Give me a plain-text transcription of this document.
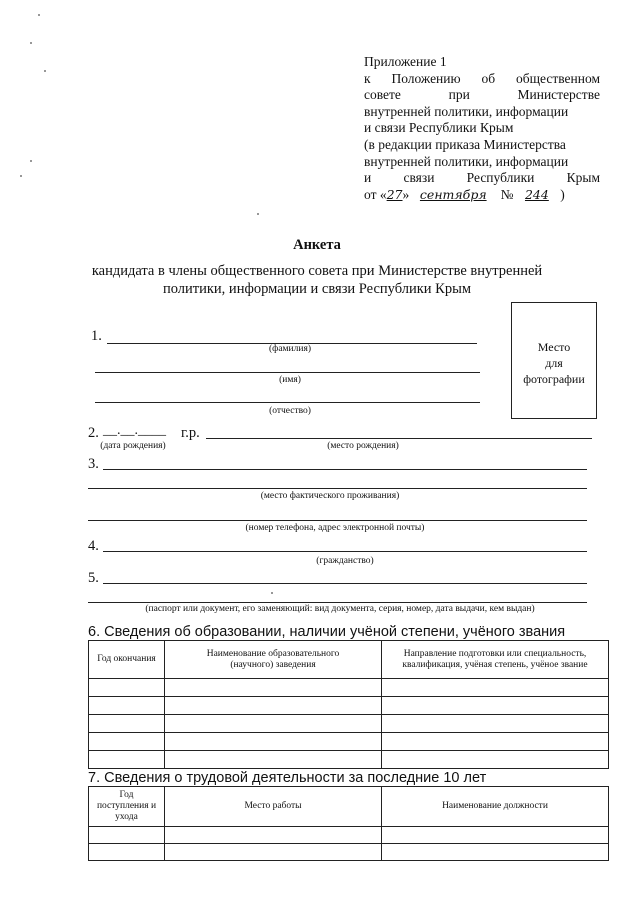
Приложение 1
к Положению об общественном
совете при Министерстве
внутренней политики, информации
и связи Республики Крым
(в редакции приказа Министерства
внутренней политики, информации
и связи Республики Крым
от «27» сентября № 244 )
Анкета
кандидата в члены общественного совета при Министерстве внутренней
политики, информации и связи Республики Крым
Место
для
фотографии
1.
(фамилия)
(имя)
(отчество)
2. __.__.____ г.р.
(дата рождения)	(место рождения)
3.
(место фактического проживания)
(номер телефона, адрес электронной почты)
4.
(гражданство)
5.
(паспорт или документ, его заменяющий: вид документа, серия, номер, дата выдачи, кем выдан)
6. Сведения об образовании, наличии учёной степени, учёного звания
Год окончания	Наименование образовательного (научного) заведения	Направление подготовки или специальность, квалификация, учёная степень, учёное звание

7. Сведения о трудовой деятельности за последние 10 лет
Год поступления и ухода	Место работы	Наименование должности
